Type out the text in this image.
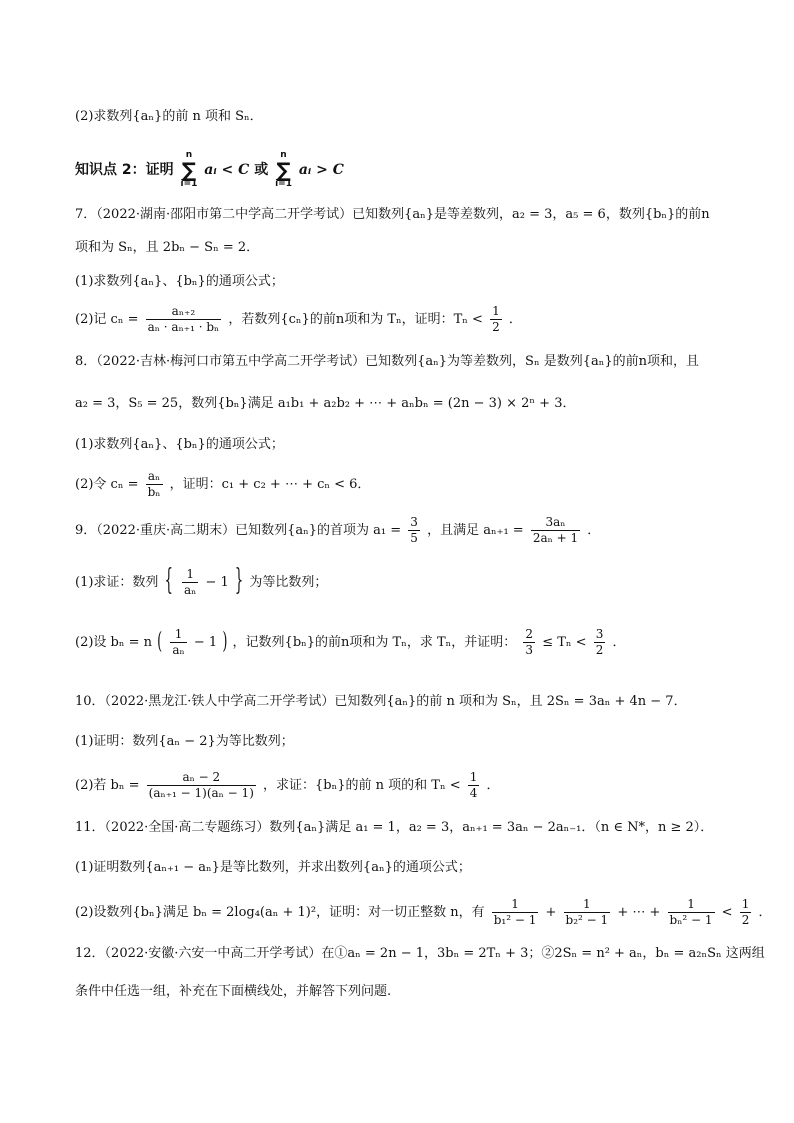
(2)求数列{aₙ}的前 n 项和 Sₙ．
知识点 2：证明 n
∑
i=1 aᵢ < C 或 n
∑
i=1 aᵢ > C
7．（2022·湖南·邵阳市第二中学高二开学考试）已知数列{aₙ}是等差数列，a₂ = 3，a₅ = 6，数列{bₙ}的前n
项和为 Sₙ，且 2bₙ − Sₙ = 2．
(1)求数列{aₙ}、{bₙ}的通项公式；
(2)记 $c_n = \frac{\text{aₙ₊₂}}{\text{aₙ · aₙ₊₁ · bₙ}}$ ，若数列{cₙ}的前n项和为 Tₙ，证明：$T_n < \frac{1}{2}$ ．
8．（2022·吉林·梅河口市第五中学高二开学考试）已知数列{aₙ}为等差数列，Sₙ 是数列{aₙ}的前n项和，且
a₂ = 3，S₅ = 25，数列{bₙ}满足 a₁b₁ + a₂b₂ + ⋯ + aₙbₙ = (2n − 3) × 2ⁿ + 3．
(1)求数列{aₙ}、{bₙ}的通项公式；
(2)令 $c_n = \frac{\text{aₙ}}{\text{bₙ}}$ ，证明：c₁ + c₂ + ⋯ + cₙ < 6．
9．（2022·重庆·高二期末）已知数列{aₙ}的首项为 $a_1 = \frac{3}{5}$ ，且满足 $a_{n+1} = \frac{\text{3aₙ}}{\text{2aₙ + 1}}$ ．
(1)求证：数列 { $\frac{1}{\text{aₙ}} - 1$ } 为等比数列；
(2)设 bₙ = n ( $\frac{1}{\text{aₙ}} - 1$ ) ，记数列{bₙ}的前n项和为 Tₙ，求 Tₙ，并证明： $\frac{2}{3} \le T_n < \frac{3}{2}$ ．
10．（2022·黑龙江·铁人中学高二开学考试）已知数列{aₙ}的前 n 项和为 Sₙ，且 2Sₙ = 3aₙ + 4n − 7．
(1)证明：数列{aₙ − 2}为等比数列；
(2)若 $b_n = \frac{\text{aₙ − 2}}{\text{(aₙ₊₁ − 1)(aₙ − 1)}}$ ，求证：{bₙ}的前 n 项的和 $T_n < \frac{1}{4}$ ．
11．（2022·全国·高二专题练习）数列{aₙ}满足 a₁ = 1，a₂ = 3，aₙ₊₁ = 3aₙ − 2aₙ₋₁．（n ∈ N*，n ≥ 2）．
(1)证明数列{aₙ₊₁ − aₙ}是等比数列，并求出数列{aₙ}的通项公式；
(2)设数列{bₙ}满足 bₙ = 2log₄(aₙ + 1)²，证明：对一切正整数 n，有 $\frac{1}{\text{b₁² − 1}} + \frac{1}{\text{b₂² − 1}}$ + ⋯ + $\frac{1}{\text{bₙ² − 1}} < \frac{1}{2}$ ．
12．（2022·安徽·六安一中高二开学考试）在①aₙ = 2n − 1，3bₙ = 2Tₙ + 3；②2Sₙ = n² + aₙ，bₙ = a₂ₙSₙ 这两组
条件中任选一组，补充在下面横线处，并解答下列问题.
